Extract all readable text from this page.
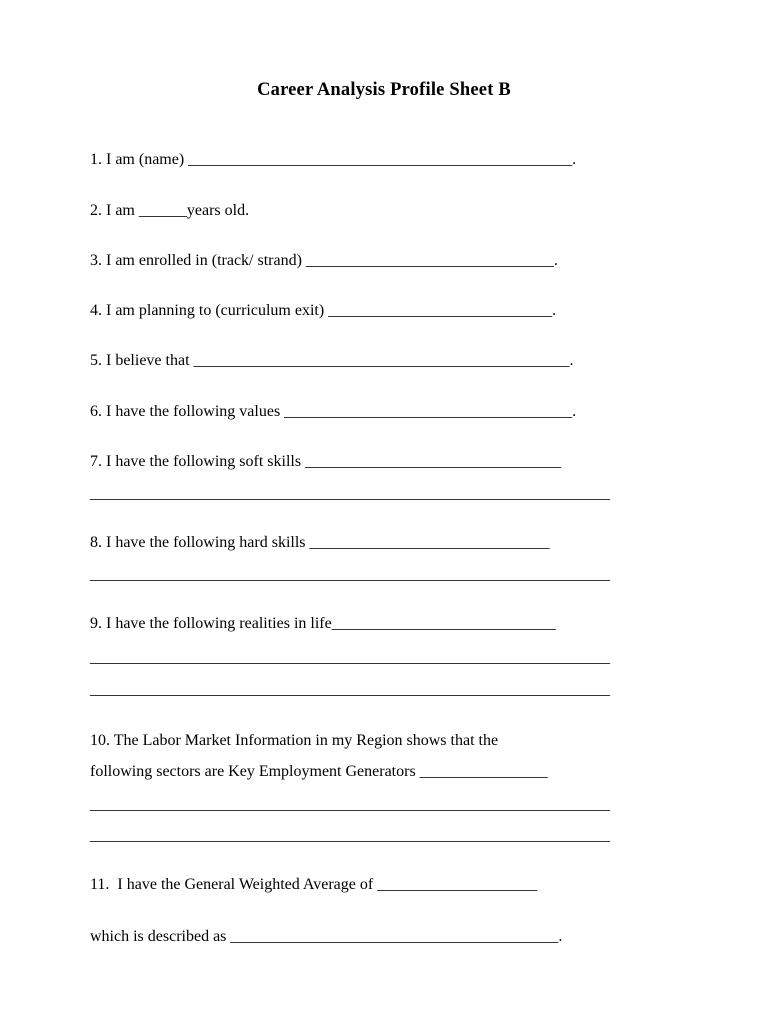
Career Analysis Profile Sheet B
1. I am (name) ________________________________________________.
2. I am ______years old.
3. I am enrolled in (track/ strand) _______________________________.
4. I am planning to (curriculum exit) ____________________________.
5. I believe that _______________________________________________.
6. I have the following values ____________________________________.
7. I have the following soft skills ________________________________
_________________________________________________________________
8. I have the following hard skills ______________________________
_________________________________________________________________
9. I have the following realities in life____________________________
_________________________________________________________________
_________________________________________________________________
10. The Labor Market Information in my Region shows that the
following sectors are Key Employment Generators ________________
_________________________________________________________________
_________________________________________________________________
11.  I have the General Weighted Average of ____________________
which is described as _________________________________________.
